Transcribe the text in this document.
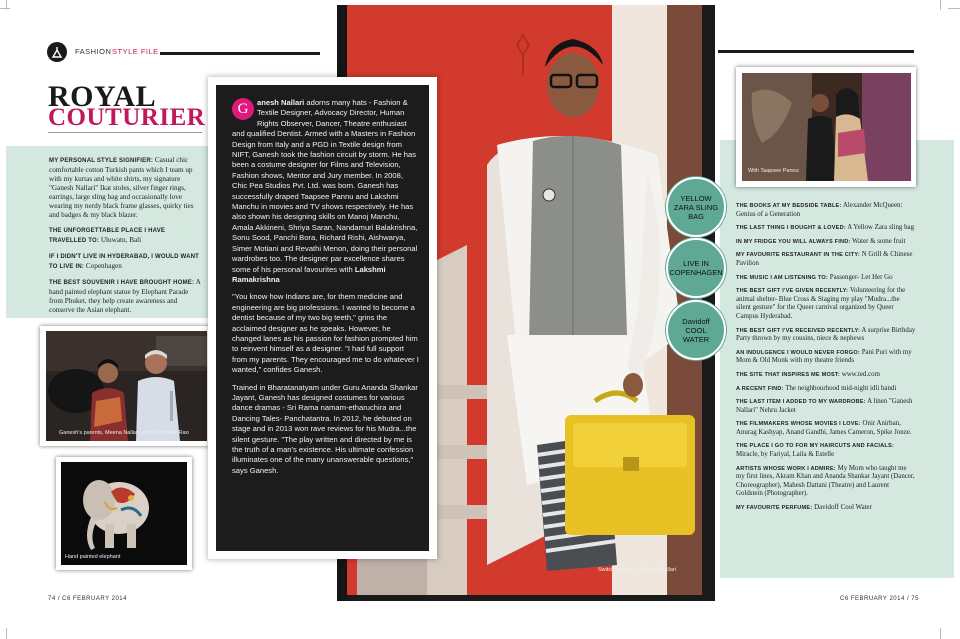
FASHION STYLE FILE
ROYAL
COUTURIER
MY PERSONAL STYLE SIGNIFIER: Casual chic comfortable cotton Turkish pants which I team up with my kurtas and white shirts, my signature "Ganesh Nallari" Ikat stoles, silver finger rings, earrings, large sling bag and occasionally love wearing my nerdy black frame glasses, quirky ties and badges & my black blazer.
THE UNFORGETTABLE PLACE I HAVE TRAVELLED TO: Uluwatu, Bali
IF I DIDN'T LIVE IN HYDERABAD, I WOULD WANT TO LIVE IN: Copenhagen
THE BEST SOUVENIR I HAVE BROUGHT HOME: A hand painted elephant statue by Elephant Parade from Phuket, they help create awareness and conserve the Asian elephant.
Ganesh's parents, Meena Nallari and N Shankar Rao
Hand painted elephant
Switching lanes- Ganesh Nallari

G	anesh Nallari adorns many hats - Fashion & Textile Designer, Advocacy Director, Human Rights Observer, Dancer, Theatre enthusiast and qualified Dentist. Armed with a Masters in Fashion Design from Italy and a PGD in Textile design from NIFT, Ganesh took the fashion circuit by storm. He has been a costume designer for Films and Television, Fashion shows, Mentor and Jury member. In 2008, Chic Pea Studios Pvt. Ltd. was born. Ganesh has successfully draped Taapsee Pannu and Lakshmi Manchu in movies and TV shows respectively. He has also shown his designing skills on Manoj Manchu, Amala Akkineni, Shriya Saran, Nandamuri Balakrishna, Sonu Sood, Panchi Bora, Richard Rishi, Aishwarya, Simer Motiani and Revathi Menon, doing their personal wardrobes too. The designer par excellence shares some of his personal favourites with Lakshmi Ramakrishna

"You know how Indians are, for them medicine and engineering are big professions. I wanted to become a dentist because of my two big teeth," grins the acclaimed designer as he speaks. However, he changed lanes as his passion for fashion prompted him to reinvent himself as a designer. "I had full support from my parents. They encouraged me to do whatever I wanted," confides Ganesh.

Trained in Bharatanatyam under Guru Ananda Shankar Jayant, Ganesh has designed costumes for various dance dramas - Sri Rama namam-etharuchira and Dancing Tales- Panchatantra. In 2012, he debuted on stage and in 2013 won rave reviews for his Mudra...the silent gesture. "The play written and directed by me is the truth of a man's existence. His ultimate confession illuminates one of the many unanswerable questions," says Ganesh.

With Taapsee Pannu
YELLOW ZARA SLING BAG
LIVE IN COPENHAGEN
Davidoff COOL WATER
THE BOOKS AT MY BEDSIDE TABLE: Alexander McQueen: Genius of a Generation
THE LAST THING I BOUGHT & LOVED: A Yellow Zara sling bag
IN MY FRIDGE YOU WILL ALWAYS FIND: Water & some fruit
MY FAVOURITE RESTAURANT IN THE CITY: N Grill & Chinese Pavilion
THE MUSIC I AM LISTENING TO: Passenger- Let Her Go
THE BEST GIFT I'VE GIVEN RECENTLY: Volunteering for the animal shelter- Blue Cross & Staging my play "Mudra...the silent gesture" for the Queer carnival organized by Queer Campus Hyderabad.
THE BEST GIFT I'VE RECEIVED RECENTLY: A surprise Birthday Party thrown by my cousins, niece & nephews
AN INDULGENCE I WOULD NEVER FORGO: Pani Puri with my Mom & Old Monk with my theatre friends
THE SITE THAT INSPIRES ME MOST: www.ted.com
A RECENT FIND: The neighbourhood mid-night idli bandi
THE LAST ITEM I ADDED TO MY WARDROBE: A linen "Ganesh Nallari" Nehru Jacket
THE FILMMAKERS WHOSE MOVIES I LOVE: Onir Anirban, Anurag Kashyap, Anand Gandhi, James Cameron, Spike Jonze.
THE PLACE I GO TO FOR MY HAIRCUTS AND FACIALS: Miracle, by Fariyal, Laila & Estelle
ARTISTS WHOSE WORK I ADMIRE: My Mom who taught me my first lines, Akram Khan and Ananda Shankar Jayant (Dancer, Choreographer), Mahesh Dattani (Theatre) and Laurent Goldstein (Photographer).
MY FAVOURITE PERFUME: Davidoff Cool Water
74 / C6 FEBRUARY 2014	C6 FEBRUARY 2014 / 75
